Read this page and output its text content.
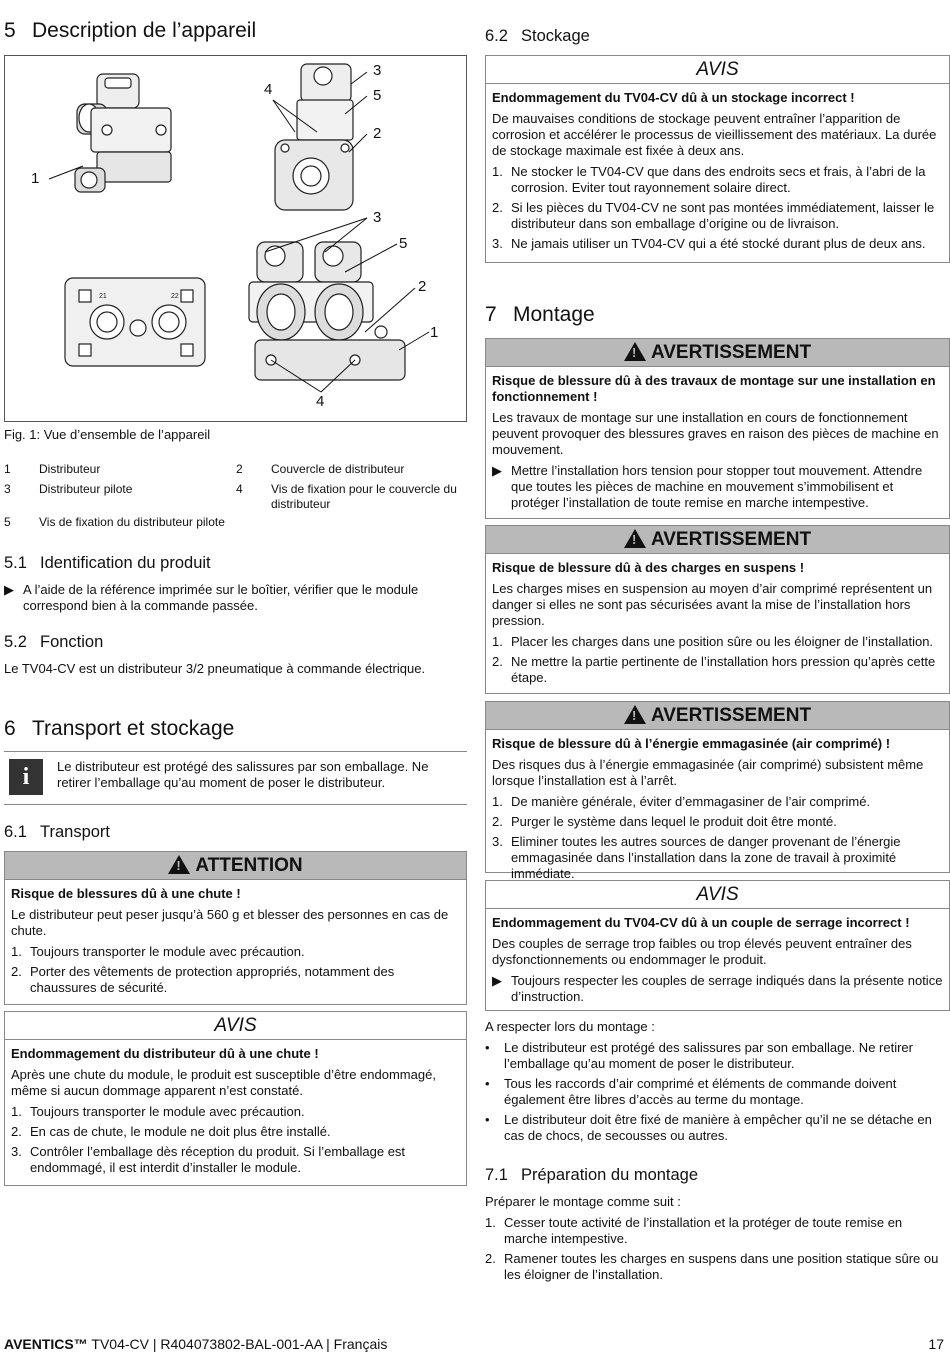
5 Description de l’appareil
21	22
1
4
3
5
2
3
5
2
1
4
Fig. 1: Vue d’ensemble de l’appareil
1 Distributeur	2 Couvercle de distributeur
3 Distributeur pilote	4 Vis de fixation pour le couvercle du distributeur
5 Vis de fixation du distributeur pilote
5.1 Identification du produit
▶ A l’aide de la référence imprimée sur le boîtier, vérifier que le module correspond bien à la commande passée.
5.2 Fonction
Le TV04-CV est un distributeur 3/2 pneumatique à commande électrique.
6 Transport et stockage
i	Le distributeur est protégé des salissures par son emballage. Ne retirer l’emballage qu’au moment de poser le distributeur.
6.1 Transport
!ATTENTION
Risque de blessures dû à une chute !
Le distributeur peut peser jusqu’à 560 g et blesser des personnes en cas de chute.
1. Toujours transporter le module avec précaution.
2. Porter des vêtements de protection appropriés, notamment des chaussures de sécurité.
AVIS
Endommagement du distributeur dû à une chute !
Après une chute du module, le produit est susceptible d’être endommagé, même si aucun dommage apparent n’est constaté.
1. Toujours transporter le module avec précaution.
2. En cas de chute, le module ne doit plus être installé.
3. Contrôler l’emballage dès réception du produit. Si l’emballage est endommagé, il est interdit d’installer le module.
6.2 Stockage
AVIS
Endommagement du TV04-CV dû à un stockage incorrect !
De mauvaises conditions de stockage peuvent entraîner l’apparition de corrosion et accélérer le processus de vieillissement des matériaux. La durée de stockage maximale est fixée à deux ans.
1. Ne stocker le TV04-CV que dans des endroits secs et frais, à l’abri de la corrosion. Eviter tout rayonnement solaire direct.
2. Si les pièces du TV04-CV ne sont pas montées immédiatement, laisser le distributeur dans son emballage d’origine ou de livraison.
3. Ne jamais utiliser un TV04-CV qui a été stocké durant plus de deux ans.
7 Montage
!AVERTISSEMENT
Risque de blessure dû à des travaux de montage sur une installation en fonctionnement !
Les travaux de montage sur une installation en cours de fonctionnement peuvent provoquer des blessures graves en raison des pièces de machine en mouvement.
▶ Mettre l’installation hors tension pour stopper tout mouvement. Attendre que toutes les pièces de machine en mouvement s’immobilisent et protéger l’installation de toute remise en marche intempestive.
!AVERTISSEMENT
Risque de blessure dû à des charges en suspens !
Les charges mises en suspension au moyen d’air comprimé représentent un danger si elles ne sont pas sécurisées avant la mise de l’installation hors pression.
1. Placer les charges dans une position sûre ou les éloigner de l’installation.
2. Ne mettre la partie pertinente de l’installation hors pression qu’après cette étape.
!AVERTISSEMENT
Risque de blessure dû à l’énergie emmagasinée (air comprimé) !
Des risques dus à l’énergie emmagasinée (air comprimé) subsistent même lorsque l’installation est à l’arrêt.
1. De manière générale, éviter d’emmagasiner de l’air comprimé.
2. Purger le système dans lequel le produit doit être monté.
3. Eliminer toutes les autres sources de danger provenant de l’énergie emmagasinée dans l’installation dans la zone de travail à proximité immédiate.
AVIS
Endommagement du TV04-CV dû à un couple de serrage incorrect !
Des couples de serrage trop faibles ou trop élevés peuvent entraîner des dysfonctionnements ou endommager le produit.
▶ Toujours respecter les couples de serrage indiqués dans la présente notice d’instruction.
A respecter lors du montage :
• Le distributeur est protégé des salissures par son emballage. Ne retirer l’emballage qu’au moment de poser le distributeur.
• Tous les raccords d’air comprimé et éléments de commande doivent également être libres d’accès au terme du montage.
• Le distributeur doit être fixé de manière à empêcher qu’il ne se détache en cas de chocs, de secousses ou autres.
7.1 Préparation du montage
Préparer le montage comme suit :
1. Cesser toute activité de l’installation et la protéger de toute remise en marche intempestive.
2. Ramener toutes les charges en suspens dans une position statique sûre ou les éloigner de l’installation.
AVENTICS™ TV04-CV | R404073802-BAL-001-AA | Français	17
